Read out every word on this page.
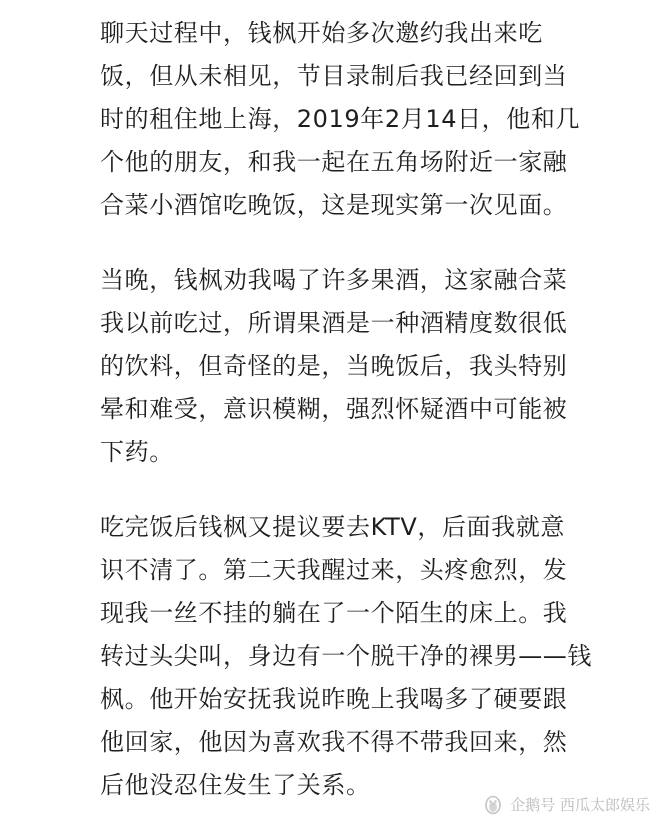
聊天过程中，钱枫开始多次邀约我出来吃
饭，但从未相见，节目录制后我已经回到当
时的租住地上海，2019年2月14日，他和几
个他的朋友，和我一起在五角场附近一家融
合菜小酒馆吃晚饭，这是现实第一次见面。
当晚，钱枫劝我喝了许多果酒，这家融合菜
我以前吃过，所谓果酒是一种酒精度数很低
的饮料，但奇怪的是，当晚饭后，我头特别
晕和难受，意识模糊，强烈怀疑酒中可能被
下药。
吃完饭后钱枫又提议要去KTV，后面我就意
识不清了。第二天我醒过来，头疼愈烈，发
现我一丝不挂的躺在了一个陌生的床上。我
转过头尖叫，身边有一个脱干净的裸男——钱
枫。他开始安抚我说昨晚上我喝多了硬要跟
他回家，他因为喜欢我不得不带我回来，然
后他没忍住发生了关系。
企鹅号 西瓜太郎娱乐
